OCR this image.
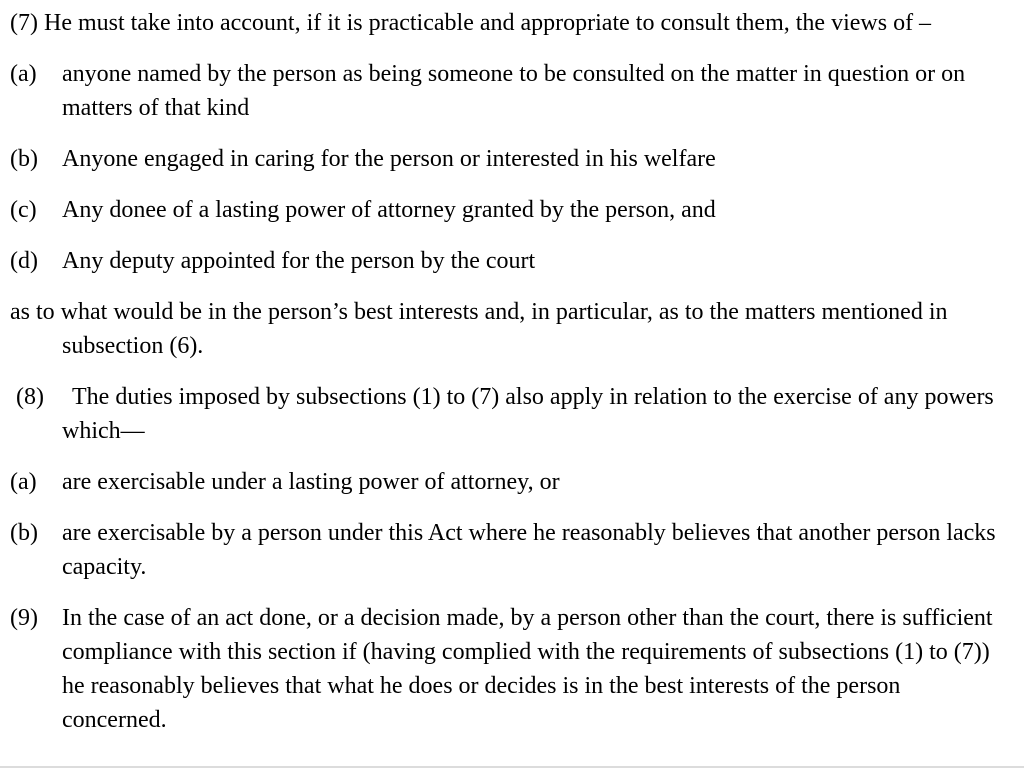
(7) He must take into account, if it is practicable and appropriate to consult them, the views of –

(a) anyone named by the person as being someone to be consulted on the matter in question or on matters of that kind

(b) Anyone engaged in caring for the person or interested in his welfare

(c) Any donee of a lasting power of attorney granted by the person, and

(d) Any deputy appointed for the person by the court

as to what would be in the person’s best interests and, in particular, as to the matters mentioned in subsection (6).

(8) The duties imposed by subsections (1) to (7) also apply in relation to the exercise of any powers which—

(a) are exercisable under a lasting power of attorney, or

(b) are exercisable by a person under this Act where he reasonably believes that another person lacks capacity.

(9) In the case of an act done, or a decision made, by a person other than the court, there is sufficient compliance with this section if (having complied with the requirements of subsections (1) to (7)) he reasonably believes that what he does or decides is in the best interests of the person concerned.
